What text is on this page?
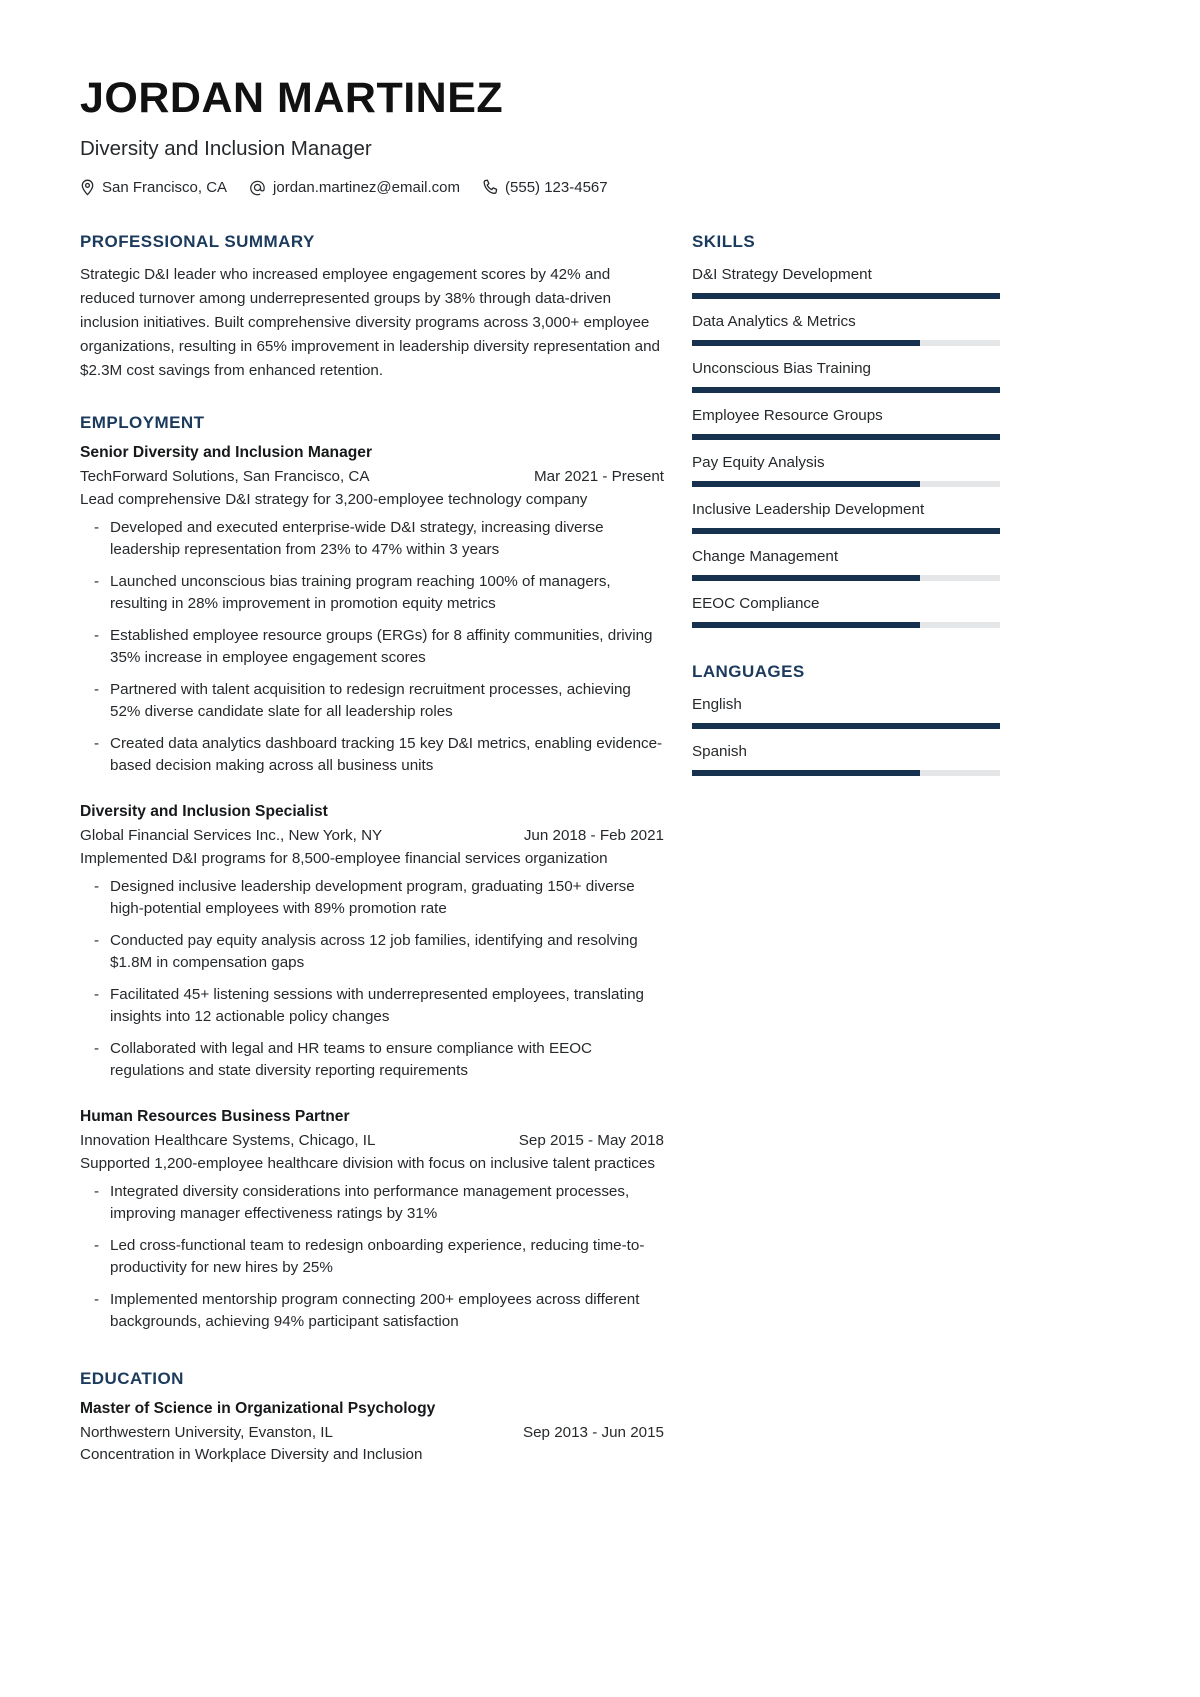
JORDAN MARTINEZ
Diversity and Inclusion Manager
San Francisco, CA	jordan.martinez@email.com	(555) 123-4567
PROFESSIONAL SUMMARY

Strategic D&I leader who increased employee engagement scores by 42% and reduced turnover among underrepresented groups by 38% through data-driven inclusion initiatives. Built comprehensive diversity programs across 3,000+ employee organizations, resulting in 65% improvement in leadership diversity representation and $2.3M cost savings from enhanced retention.

EMPLOYMENT
Senior Diversity and Inclusion Manager
TechForward Solutions, San Francisco, CA	Mar 2021 - Present
Lead comprehensive D&I strategy for 3,200-employee technology company
- Developed and executed enterprise-wide D&I strategy, increasing diverse leadership representation from 23% to 47% within 3 years
- Launched unconscious bias training program reaching 100% of managers, resulting in 28% improvement in promotion equity metrics
- Established employee resource groups (ERGs) for 8 affinity communities, driving 35% increase in employee engagement scores
- Partnered with talent acquisition to redesign recruitment processes, achieving 52% diverse candidate slate for all leadership roles
- Created data analytics dashboard tracking 15 key D&I metrics, enabling evidence-based decision making across all business units
Diversity and Inclusion Specialist
Global Financial Services Inc., New York, NY	Jun 2018 - Feb 2021
Implemented D&I programs for 8,500-employee financial services organization
- Designed inclusive leadership development program, graduating 150+ diverse high-potential employees with 89% promotion rate
- Conducted pay equity analysis across 12 job families, identifying and resolving $1.8M in compensation gaps
- Facilitated 45+ listening sessions with underrepresented employees, translating insights into 12 actionable policy changes
- Collaborated with legal and HR teams to ensure compliance with EEOC regulations and state diversity reporting requirements
Human Resources Business Partner
Innovation Healthcare Systems, Chicago, IL	Sep 2015 - May 2018
Supported 1,200-employee healthcare division with focus on inclusive talent practices
- Integrated diversity considerations into performance management processes, improving manager effectiveness ratings by 31%
- Led cross-functional team to redesign onboarding experience, reducing time-to-productivity for new hires by 25%
- Implemented mentorship program connecting 200+ employees across different backgrounds, achieving 94% participant satisfaction
EDUCATION
Master of Science in Organizational Psychology
Northwestern University, Evanston, IL	Sep 2013 - Jun 2015
Concentration in Workplace Diversity and Inclusion
SKILLS
D&I Strategy Development
Data Analytics & Metrics
Unconscious Bias Training
Employee Resource Groups
Pay Equity Analysis
Inclusive Leadership Development
Change Management
EEOC Compliance
LANGUAGES
English
Spanish
